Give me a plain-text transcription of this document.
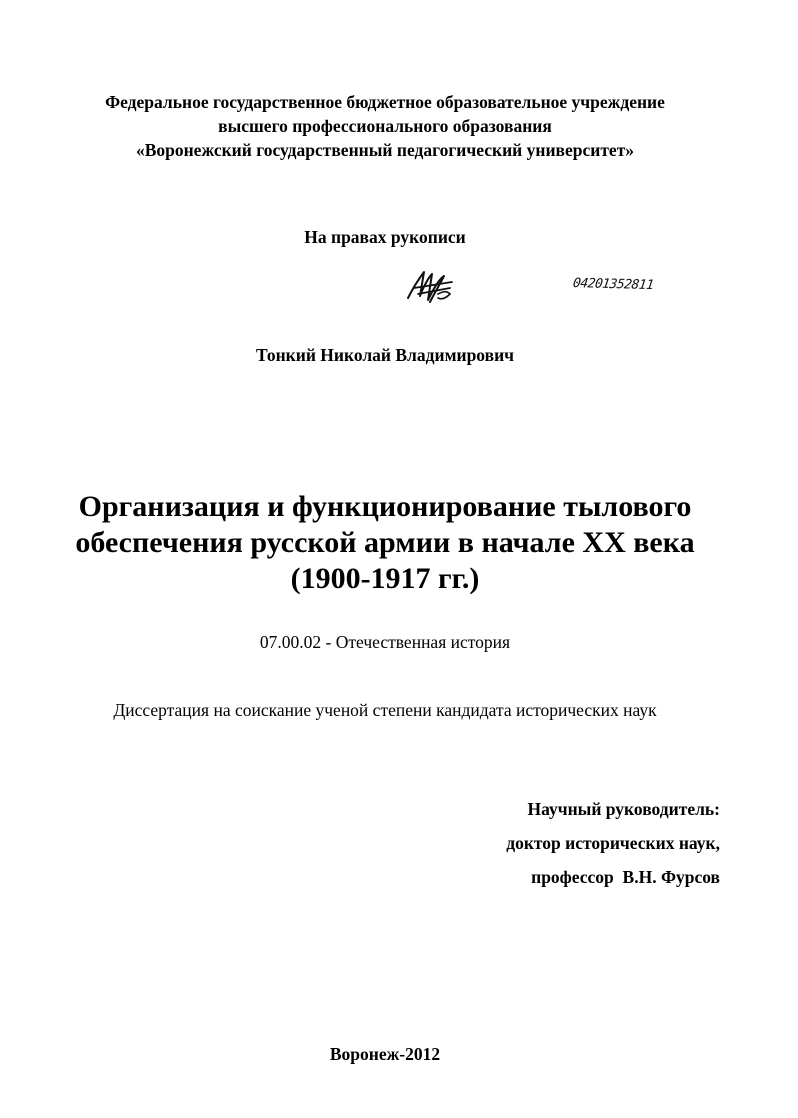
Федеральное государственное бюджетное образовательное учреждение
высшего профессионального образования
«Воронежский государственный педагогический университет»
На правах рукописи
04201352811
Тонкий Николай Владимирович
Организация и функционирование тылового
обеспечения русской армии в начале XX века
(1900-1917 гг.)
07.00.02 - Отечественная история
Диссертация на соискание ученой степени кандидата исторических наук
Научный руководитель:
доктор исторических наук,
профессор  В.Н. Фурсов
Воронеж-2012
